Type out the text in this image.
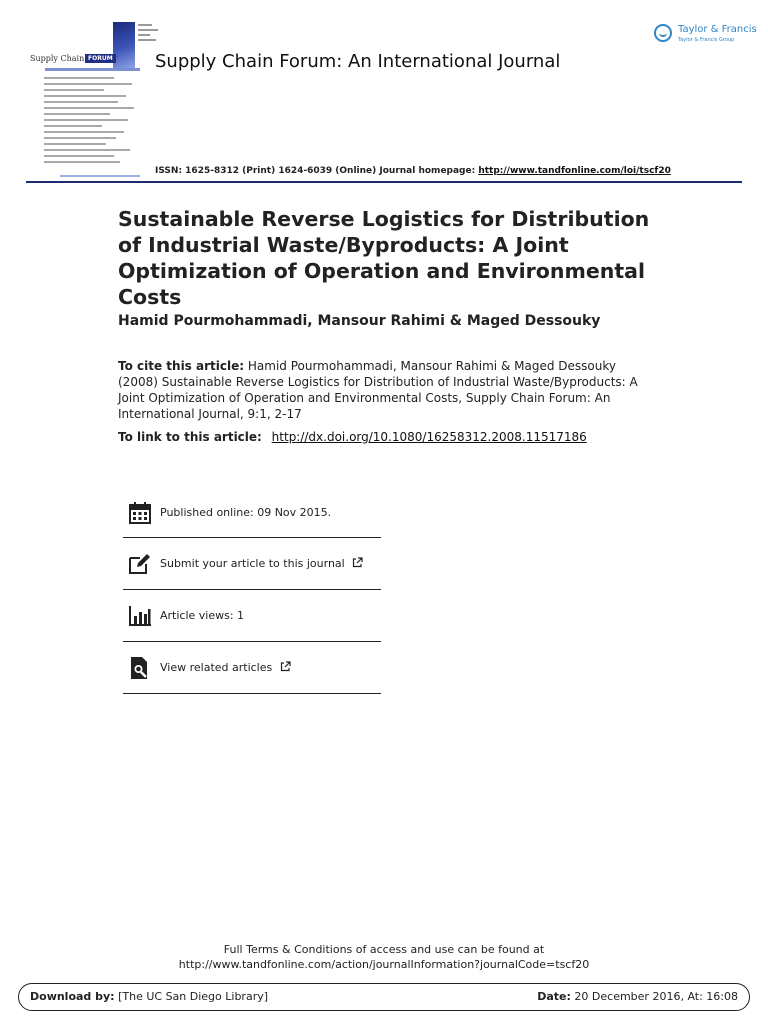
Supply Chain FORUM Supply Chain Forum: An International Journal
ISSN: 1625-8312 (Print) 1624-6039 (Online) Journal homepage: http://www.tandfonline.com/loi/tscf20
Taylor & Francis
Taylor & Francis Group
Sustainable Reverse Logistics for Distribution of Industrial Waste/Byproducts: A Joint Optimization of Operation and Environmental Costs
Hamid Pourmohammadi, Mansour Rahimi & Maged Dessouky
To cite this article: Hamid Pourmohammadi, Mansour Rahimi & Maged Dessouky (2008) Sustainable Reverse Logistics for Distribution of Industrial Waste/Byproducts: A Joint Optimization of Operation and Environmental Costs, Supply Chain Forum: An International Journal, 9:1, 2-17
To link to this article: http://dx.doi.org/10.1080/16258312.2008.11517186
Published online: 09 Nov 2015.
Submit your article to this journal
Article views: 1
View related articles
Full Terms & Conditions of access and use can be found at
http://www.tandfonline.com/action/journalInformation?journalCode=tscf20
Download by: [The UC San Diego Library]	Date: 20 December 2016, At: 16:08
